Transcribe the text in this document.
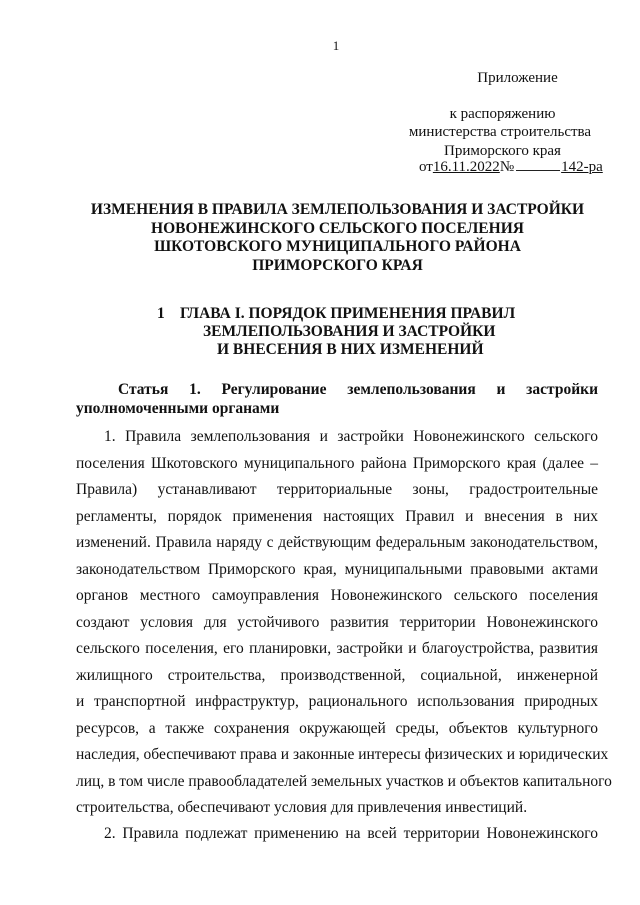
1
Приложение
к распоряжению
министерства строительства
Приморского края
от16.11.2022№	142-ра
ИЗМЕНЕНИЯ В ПРАВИЛА ЗЕМЛЕПОЛЬЗОВАНИЯ И ЗАСТРОЙКИ
НОВОНЕЖИНСКОГО СЕЛЬСКОГО ПОСЕЛЕНИЯ
ШКОТОВСКОГО МУНИЦИПАЛЬНОГО РАЙОНА
ПРИМОРСКОГО КРАЯ
1 ГЛАВА I. ПОРЯДОК ПРИМЕНЕНИЯ ПРАВИЛ
ЗЕМЛЕПОЛЬЗОВАНИЯ И ЗАСТРОЙКИ
И ВНЕСЕНИЯ В НИХ ИЗМЕНЕНИЙ
Статья 1. Регулирование землепользования и застройки
уполномоченными органами
1. Правила землепользования и застройки Новонежинского сельского
поселения Шкотовского муниципального района Приморского края (далее –
Правила) устанавливают территориальные зоны, градостроительные
регламенты, порядок применения настоящих Правил и внесения в них
изменений. Правила наряду с действующим федеральным законодательством,
законодательством Приморского края, муниципальными правовыми актами
органов местного самоуправления Новонежинского сельского поселения
создают условия для устойчивого развития территории Новонежинского
сельского поселения, его планировки, застройки и благоустройства, развития
жилищного строительства, производственной, социальной, инженерной
и транспортной инфраструктур, рационального использования природных
ресурсов, а также сохранения окружающей среды, объектов культурного
наследия, обеспечивают права и законные интересы физических и юридических
лиц, в том числе правообладателей земельных участков и объектов капитального
строительства, обеспечивают условия для привлечения инвестиций.
2. Правила подлежат применению на всей территории Новонежинского
